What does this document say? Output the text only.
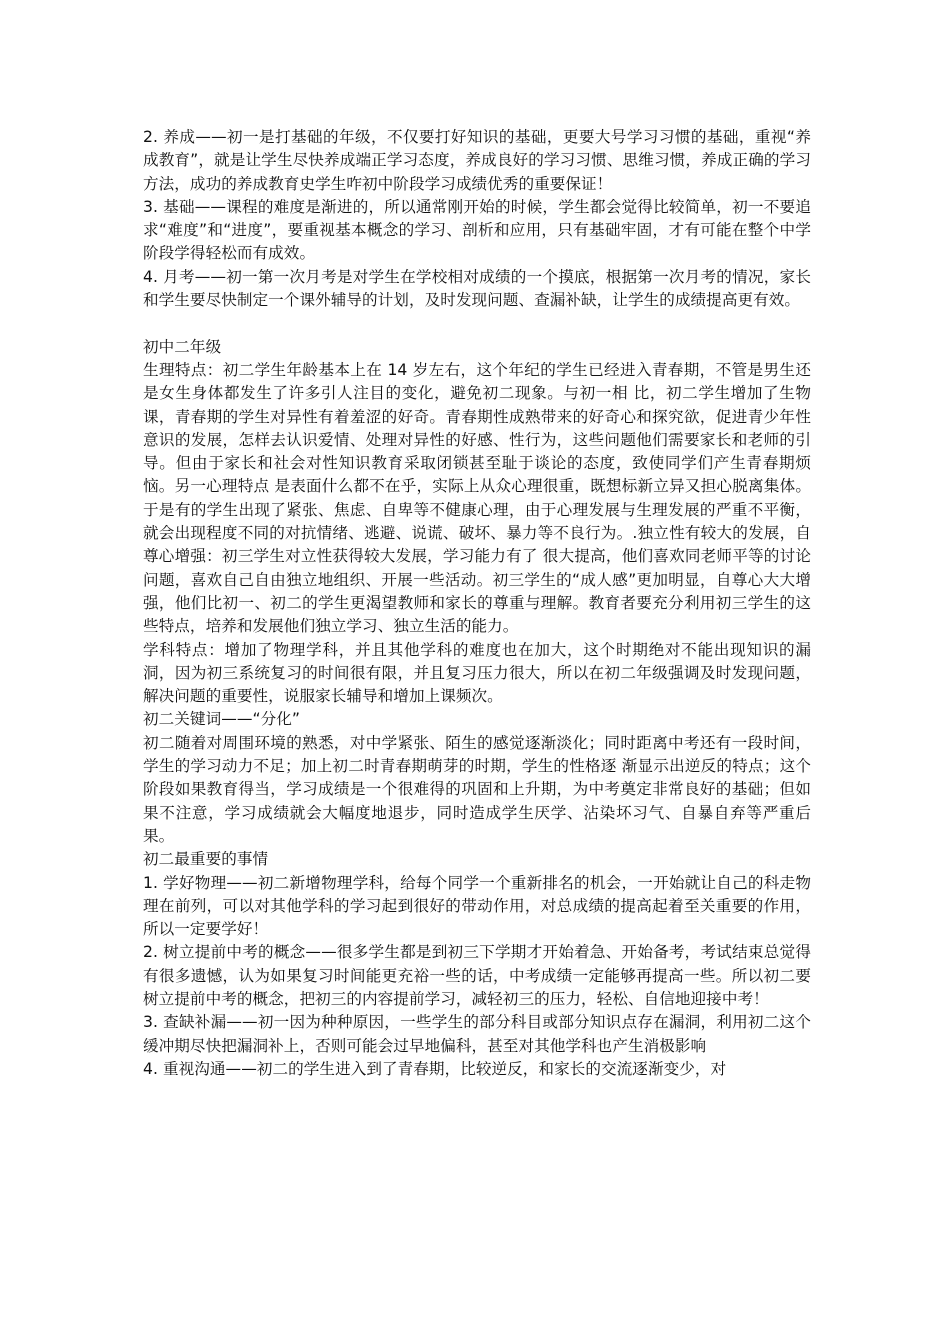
2. 养成——初一是打基础的年级，不仅要打好知识的基础，更要大号学习习惯的基础，重视“养成教育”，就是让学生尽快养成端正学习态度，养成良好的学习习惯、思维习惯，养成正确的学习方法，成功的养成教育史学生咋初中阶段学习成绩优秀的重要保证！

3. 基础——课程的难度是渐进的，所以通常刚开始的时候，学生都会觉得比较简单，初一不要追求“难度”和“进度”，要重视基本概念的学习、剖析和应用，只有基础牢固，才有可能在整个中学阶段学得轻松而有成效。

4. 月考——初一第一次月考是对学生在学校相对成绩的一个摸底，根据第一次月考的情况，家长和学生要尽快制定一个课外辅导的计划，及时发现问题、查漏补缺，让学生的成绩提高更有效。

初中二年级

生理特点：初二学生年龄基本上在 14 岁左右，这个年纪的学生已经进入青春期，不管是男生还是女生身体都发生了许多引人注目的变化，避免初二现象。与初一相 比，初二学生增加了生物课，青春期的学生对异性有着羞涩的好奇。青春期性成熟带来的好奇心和探究欲，促进青少年性意识的发展，怎样去认识爱情、处理对异性的好感、性行为，这些问题他们需要家长和老师的引导。但由于家长和社会对性知识教育采取闭锁甚至耻于谈论的态度，致使同学们产生青春期烦恼。另一心理特点 是表面什么都不在乎，实际上从众心理很重，既想标新立异又担心脱离集体。于是有的学生出现了紧张、焦虑、自卑等不健康心理，由于心理发展与生理发展的严重不平衡，就会出现程度不同的对抗情绪、逃避、说谎、破坏、暴力等不良行为。.独立性有较大的发展，自尊心增强：初三学生对立性获得较大发展，学习能力有了 很大提高，他们喜欢同老师平等的讨论问题，喜欢自己自由独立地组织、开展一些活动。初三学生的“成人感”更加明显，自尊心大大增强，他们比初一、初二的学生更渴望教师和家长的尊重与理解。教育者要充分利用初三学生的这些特点，培养和发展他们独立学习、独立生活的能力。

学科特点：增加了物理学科，并且其他学科的难度也在加大，这个时期绝对不能出现知识的漏洞，因为初三系统复习的时间很有限，并且复习压力很大，所以在初二年级强调及时发现问题，解决问题的重要性，说服家长辅导和增加上课频次。

初二关键词——“分化”

初二随着对周围环境的熟悉，对中学紧张、陌生的感觉逐渐淡化；同时距离中考还有一段时间，学生的学习动力不足；加上初二时青春期萌芽的时期，学生的性格逐 渐显示出逆反的特点；这个阶段如果教育得当，学习成绩是一个很难得的巩固和上升期，为中考奠定非常良好的基础；但如果不注意，学习成绩就会大幅度地退步，同时造成学生厌学、沾染坏习气、自暴自弃等严重后果。

初二最重要的事情

1. 学好物理——初二新增物理学科，给每个同学一个重新排名的机会，一开始就让自己的科走物理在前列，可以对其他学科的学习起到很好的带动作用，对总成绩的提高起着至关重要的作用，所以一定要学好！

2. 树立提前中考的概念——很多学生都是到初三下学期才开始着急、开始备考，考试结束总觉得有很多遗憾，认为如果复习时间能更充裕一些的话，中考成绩一定能够再提高一些。所以初二要树立提前中考的概念，把初三的内容提前学习，减轻初三的压力，轻松、自信地迎接中考！

3. 查缺补漏——初一因为种种原因，一些学生的部分科目或部分知识点存在漏洞，利用初二这个缓冲期尽快把漏洞补上，否则可能会过早地偏科，甚至对其他学科也产生消极影响

4. 重视沟通——初二的学生进入到了青春期，比较逆反，和家长的交流逐渐变少，对
